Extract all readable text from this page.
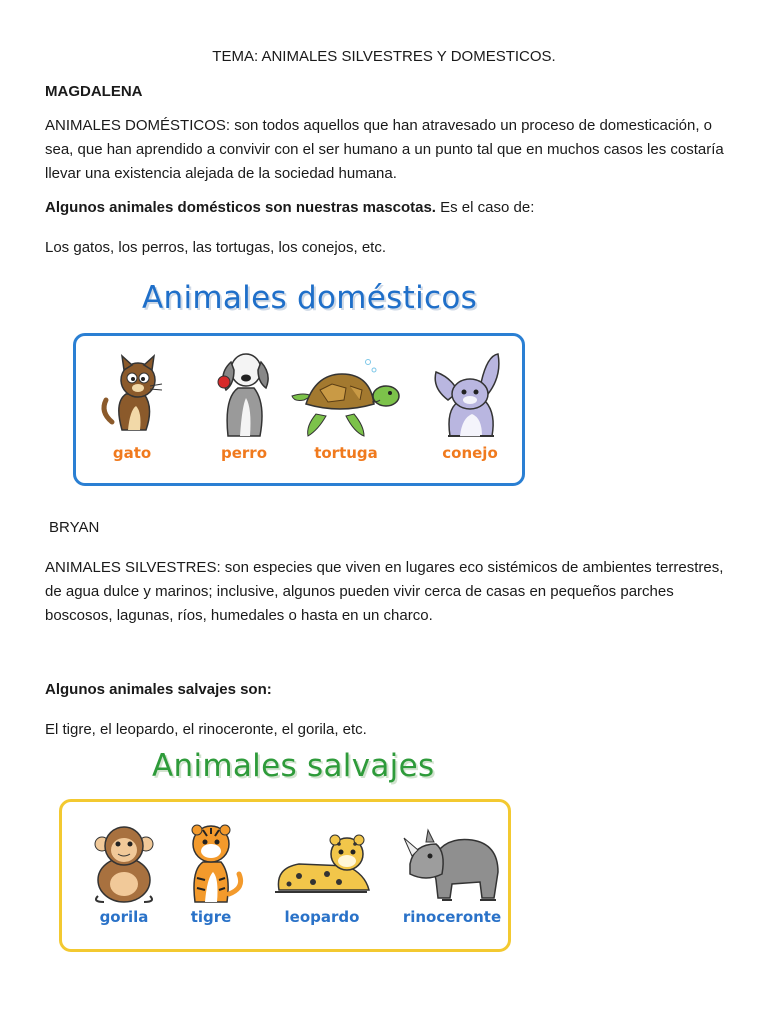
TEMA: ANIMALES SILVESTRES Y DOMESTICOS.
MAGDALENA
ANIMALES DOMÉSTICOS: son todos aquellos que han atravesado un proceso de domesticación, o sea, que han aprendido a convivir con el ser humano a un punto tal que en muchos casos les costaría llevar una existencia alejada de la sociedad humana.
Algunos animales domésticos son nuestras mascotas. Es el caso de:
Los gatos, los perros, las tortugas, los conejos, etc.
Animales domésticos
gato	perro	tortuga	conejo
BRYAN
ANIMALES SILVESTRES: son especies que viven en lugares eco sistémicos de ambientes terrestres, de agua dulce y marinos; inclusive, algunos pueden vivir cerca de casas en pequeños parches boscosos, lagunas, ríos, humedales o hasta en un charco.
Algunos animales salvajes son:
El tigre, el leopardo, el rinoceronte, el gorila, etc.
Animales salvajes
gorila	tigre	leopardo	rinoceronte
